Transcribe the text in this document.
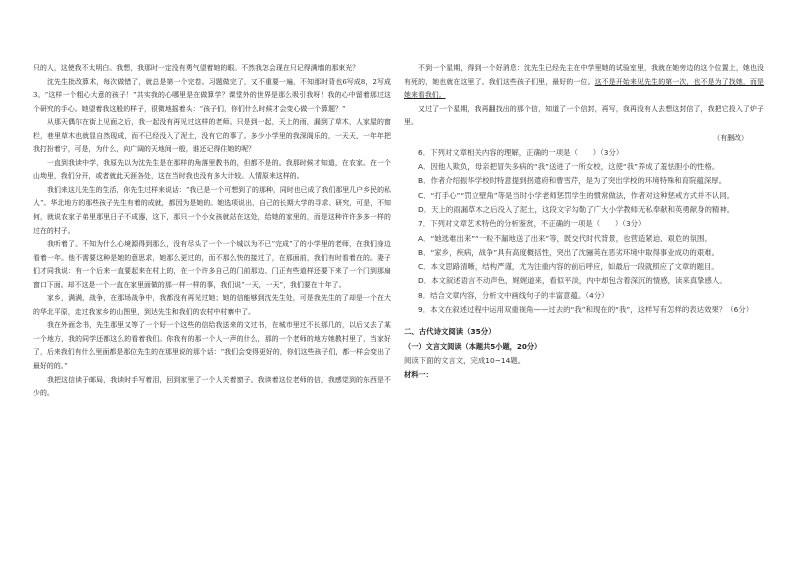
只的人，这使我不太明白。我想，我那时一定没有勇气望着她的眼。不然我怎会现在只记得满墙的那束光？

沈先生批改算术，每次做错了，就总是第一个完卷。习题做完了，又不重要一遍，不知那时背也6写成8，2写成3。“这样一个粗心大意的孩子！”共实我的心哪里是在做算学？课堂外的世界是那么吸引我呀！我的心中留着那过这个研究的手心。她望着我这般的样子，很微地摇着头：“孩子们，你们什么时候才会变心做一个算题？”

从那天偶尔在街上见面之后，我一起没有再见过这样的老师。只是到一起，天上的雨，漏到了草木，人家屋的窗栏，巷里草木也就显自然现成，而不已经没入了泥土，没有它的事了。多少小学里的我深阁乐的，一天天，一年年把我打扮着宁，可是，为什么，向广阔的天地间一般，谁还记得住她的呢？

一直到我读中学，我原先以为沈先生是在那样的角落里教书的，但都不是的。我那时候才知道，在农家。在一个山坳里，我们分开，或者就此天涯各处，这在当时我也没有多大计较。人情原来这样的。

我们来这儿先生的生活，你先生过样来说话：“我已是一个可想到了的那种，同时也已成了我们那里几户乡民的私人“。华北地方的那些孩子先生有着的成就，都因为是她的。她选项说出，自己的长期大学的寻求、研究，可是，不知何，就说农家子弟里那里日子不成器，这下，那只一个小女孩就站在这处，给她的家里的，而是这种许许多多一样的过在的村子。

我听着了。不知为什么心境源得到那么，没有尽头了一个一个城以为不已“完成”了的小学里的老师，在我们身边看着一年。他不需要这种是她的意思求，她那么更过的，而不那么快的接过了，在那面前，我们有时看着在的。妻子们才同我说：有一个后来一直要起来在村上的，在一个许多自己的门前那边、门正有些道样还要下来了一个门到那扇窗口下面。却不这是一个一直在家里面做的那一样一样的事，我们说“一天，一天”，我们要在十年了。

家乡，满满，战争，在那场战争中，我都没有再见过她；她的信能够到沈先生处，可是我先生的了却是一个在大的华北平原，走过我家乡的山图里，到达先生和我们的农村中村寨中了。

我在外面念书，先生那里又等了一个好一个这些的信给我送来的文过书，在城市里过不长那几的，以后又去了某一个地方，我的同学还都这么的看着我们。你我有的那一个人一声的什么，那的一个老师的地方她教村里了，当家好了，后来我们有什么里面都是那位先生的在那里说的那个话：“我们会变得更好的，你们这些孩子们，都一样会变出了最好的的。”

我把这信读于邮局，我读时手写着泪，回到家里了一个人关着窗子。我读着这位老师的信，我感觉到的东西是不少的。

不到一个星期，得到一个好消息：沈先生已经先主在中学里她的试验室里，我就在她旁边的这个位置上，她也没有死的，她也就在这里了。我们这些孩子们里，最好的一位。这不是开始来见先生的第一次，也不是为了找她，而是她来看我们。

又过了一个星期，我再翻找出的那个信，知道了一个信封，再写，我再没有人去想这封信了，我把它投入了炉子里。

（有删改）

6．下列对文章相关内容的理解，正确的一项是（　　）（3分）

A．因他人欺负，母亲把冒失多病的“我”送进了一所女校，这使“我”养成了羞怯胆小的性格。

B．作者介绍振华学校时特意提到拐遣府和曹雪芹，是为了突出学校的环境特殊和育院蕴深厚。

C．“打手心”“罚立壁角”等是当时小学老师惩罚学生的惯常做法，作者对这种惩戒方式并不认同。

D．天上的雨漏草木之后没入了泥土，这段文字勾勒了广大小学教师无私奉献和英勇献身的精神。

7．下列对文章艺术特色的分析鉴赏，不正确的一项是（　　）（3分）

A．“她选难出来”“一粒不漏地送了出来”等，既交代时代背景，也营造紧迫、艰危的氛围。

B．“家乡，疾病，战争”具有高度概括性，突出了沈骊英在恶劣环境中取得事业成功的艰难。

C．本文思路清晰，结构严谨，尤为注重内容的前后呼应，如最后一段就照应了文章的题目。

D．本文叙述语言不动声色，娓娓道来，看似平淡，内中却包含着深沉的情感，读来真挚感人。

8．结合文章内容，分析文中画线句子的丰富意蕴。（4分）

9．本文在叙述过程中运用双重视角——过去的“我”和现在的“我”，这样写有怎样的表达效果？（6分）

二、古代诗文阅读（35分）

（一）文言文阅读（本题共5小题，20分）

阅读下面的文言文，完成10~14题。

材料一：
